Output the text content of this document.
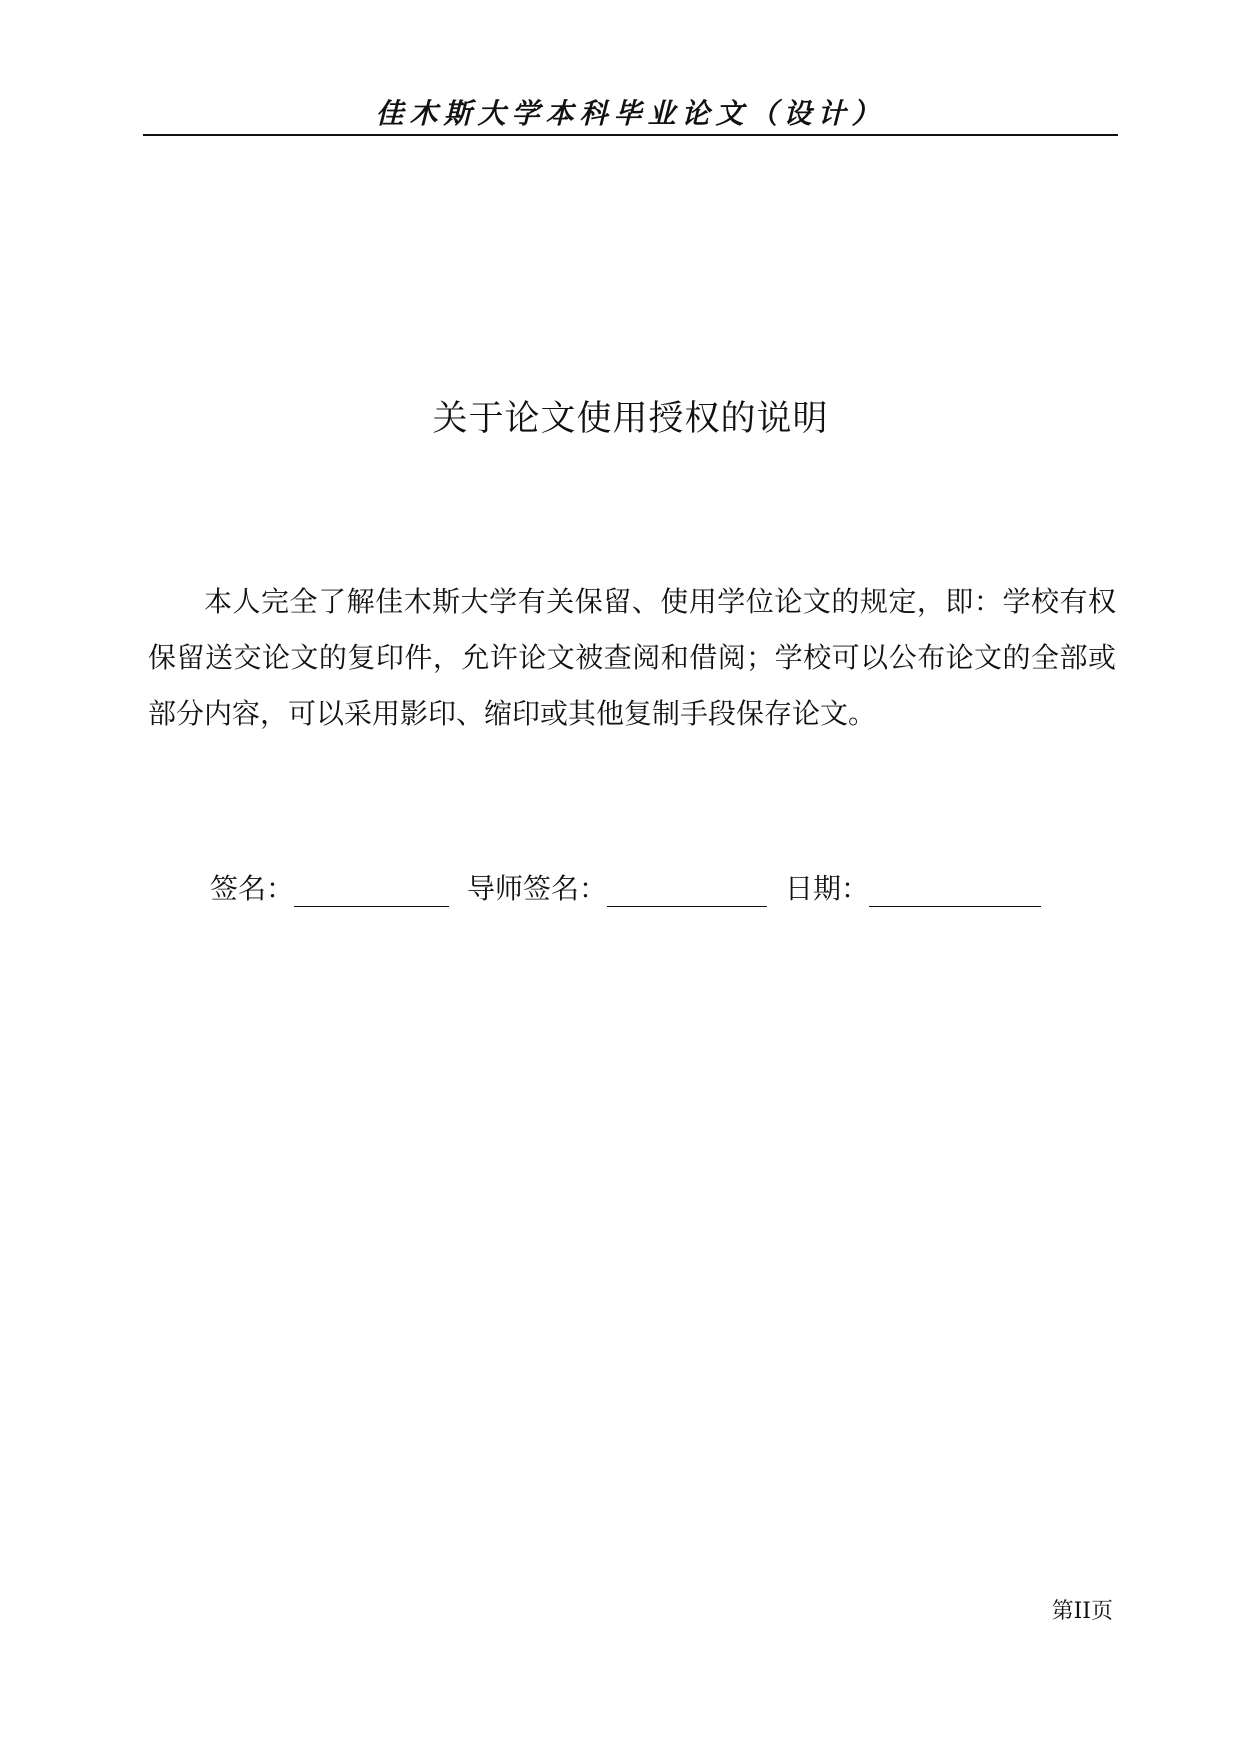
佳木斯大学本科毕业论文（设计）
关于论文使用授权的说明

本人完全了解佳木斯大学有关保留、使用学位论文的规定，即：学校有权保留送交论文的复印件，允许论文被查阅和借阅；学校可以公布论文的全部或部分内容，可以采用影印、缩印或其他复制手段保存论文。

签名：	导师签名：	日期：
第II页
